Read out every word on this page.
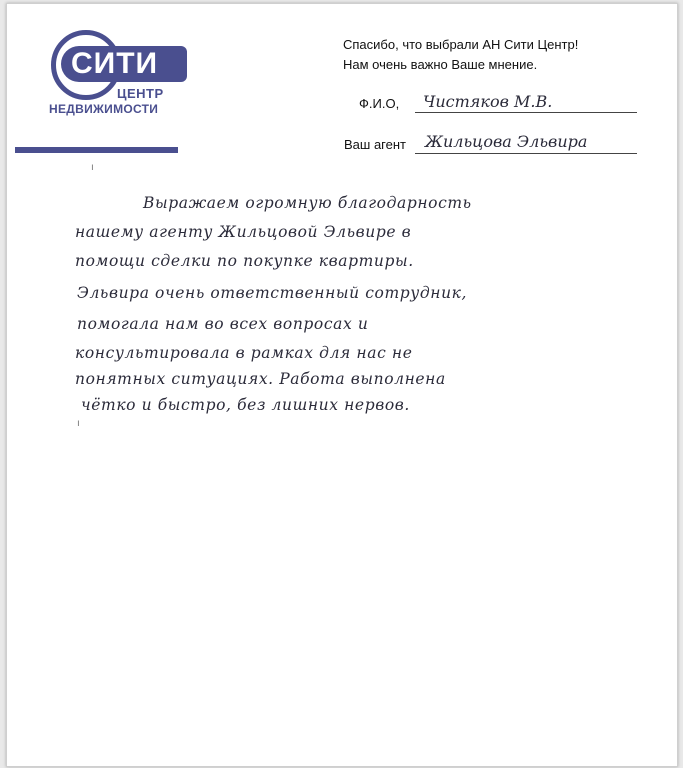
СИТИ
ЦЕНТР
НЕДВИЖИМОСТИ
Спасибо, что выбрали АН Сити Центр!
Нам очень важно Ваше мнение.
Ф.И.О, Чистяков М.В.
Ваш агент Жильцова Эльвира
Выражаем огромную благодарность
нашему агенту Жильцовой Эльвире в
помощи сделки по покупке квартиры.
Эльвира очень ответственный сотрудник,
помогала нам во всех вопросах и
консультировала в рамках для нас не
понятных ситуациях. Работа выполнена
чётко и быстро, без лишних нервов.
ı
ı
